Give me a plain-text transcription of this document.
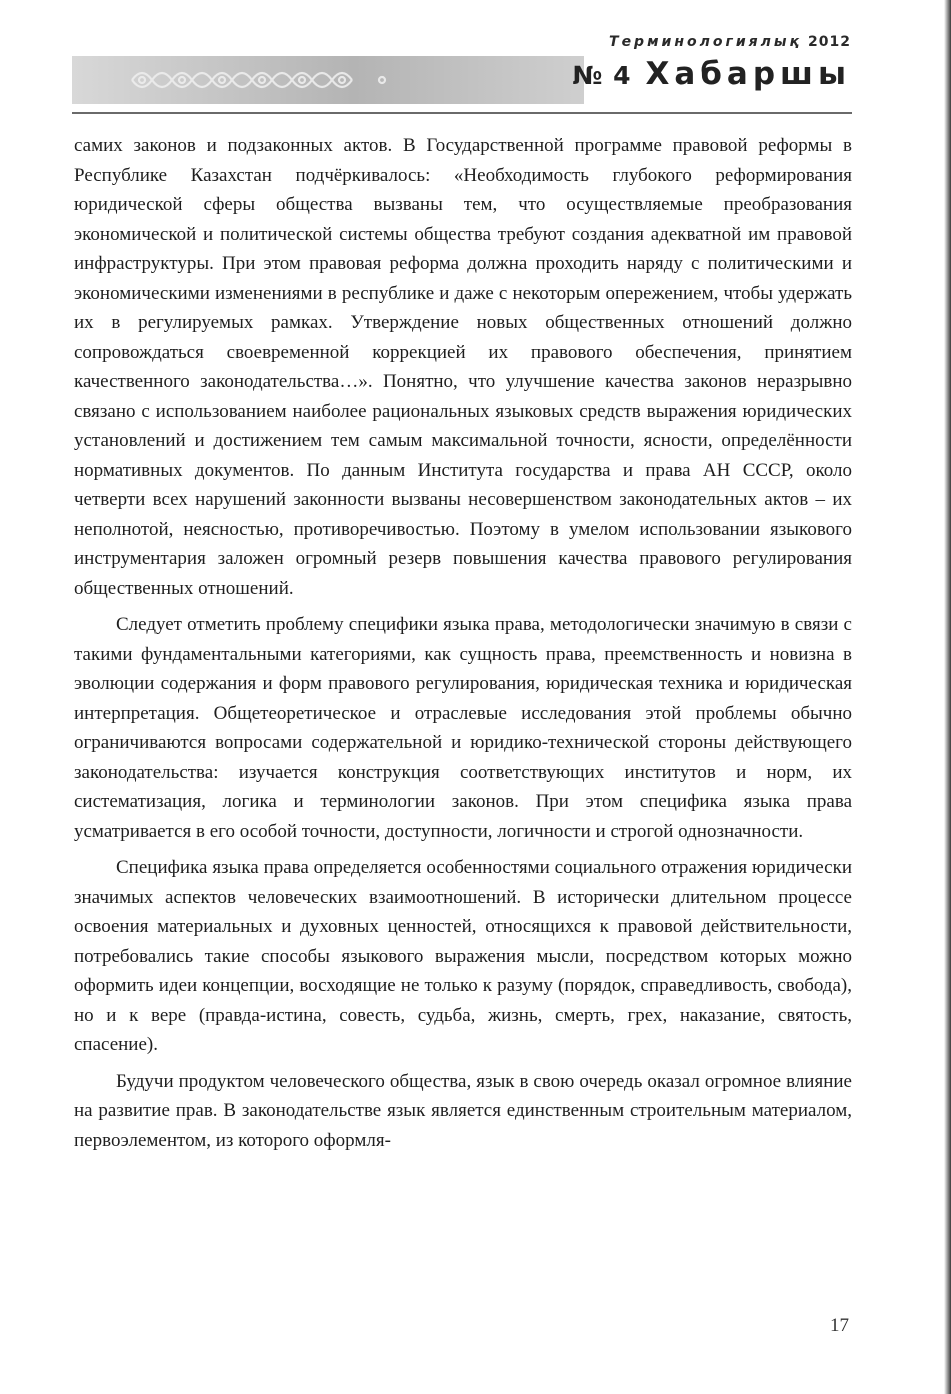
Терминологиялық 2012
№ 4 Хабаршы

самих законов и подзаконных актов. В Государственной программе правовой реформы в Республике Казахстан подчёркивалось: «Необходимость глубокого реформирования юридической сферы общества вызваны тем, что осуществляемые преобразования экономической и политической системы общества требуют создания адекватной им правовой инфраструктуры. При этом правовая реформа должна проходить наряду с политическими и экономическими изменениями в республике и даже с некоторым опережением, чтобы удержать их в регулируемых рамках. Утверждение новых общественных отношений должно сопровождаться своевременной коррекцией их правового обеспечения, принятием качественного законодательства…». Понятно, что улучшение качества законов неразрывно связано с использованием наиболее рациональных языковых средств выражения юридических установлений и достижением тем самым максимальной точности, ясности, определённости нормативных документов. По данным Института государства и права АН СССР, около четверти всех нарушений законности вызваны несовершенством законодательных актов – их неполнотой, неясностью, противоречивостью. Поэтому в умелом использовании языкового инструментария заложен огромный резерв повышения качества правового регулирования общественных отношений.

Следует отметить проблему специфики языка права, методологически значимую в связи с такими фундаментальными категориями, как сущность права, преемственность и новизна в эволюции содержания и форм правового регулирования, юридическая техника и юридическая интерпретация. Общетеоретическое и отраслевые исследования этой проблемы обычно ограничиваются вопросами содержательной и юридико-технической стороны действующего законодательства: изучается конструкция соответствующих институтов и норм, их систематизация, логика и терминологии законов. При этом специфика языка права усматривается в его особой точности, доступности, логичности и строгой однозначности.

Специфика языка права определяется особенностями социального отражения юридически значимых аспектов человеческих взаимоотношений. В исторически длительном процессе освоения материальных и духовных ценностей, относящихся к правовой действительности, потребовались такие способы языкового выражения мысли, посредством которых можно оформить идеи концепции, восходящие не только к разуму (порядок, справедливость, свобода), но и к вере (правда-истина, совесть, судьба, жизнь, смерть, грех, наказание, святость, спасение).

Будучи продуктом человеческого общества, язык в свою очередь оказал огромное влияние на развитие прав. В законодательстве язык является единственным строительным материалом, первоэлементом, из которого оформля-

17
